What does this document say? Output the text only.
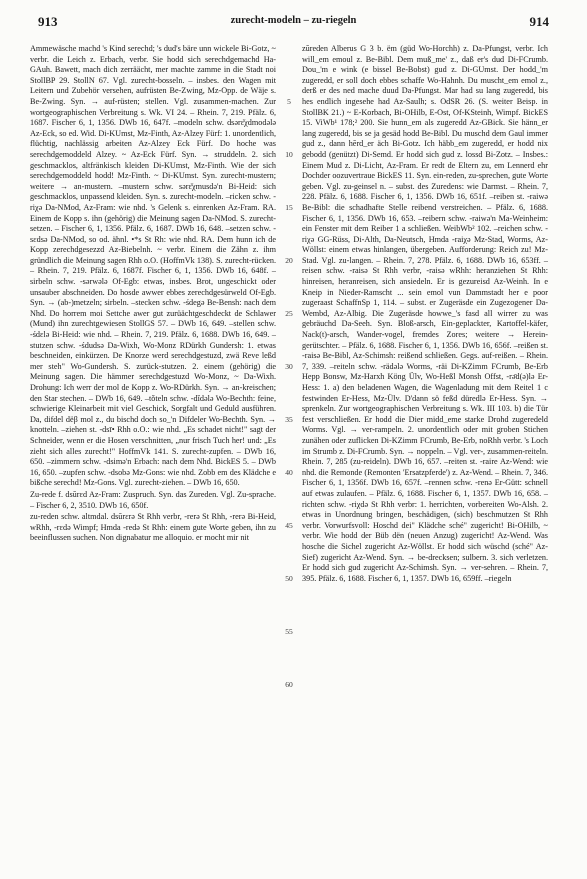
913	zurecht-modeln – zu-riegeln	914

Ammewäsche machd 's Kind serechd; 's dud's bäre unn wickele Bi-Gotz, ~ verbr. die Leich z. Erbach, verbr. Sie hodd sich serechdgemachd Ha-GAuh. Bawett, mach dich zerräächt, mer machte zamme in die Stadt noi StollBP 29. StollN 67. Vgl. zurecht-bosseln. – insbes. den Wagen mit Leitern und Zubehör versehen, aufrüsten Be-Zwing, Mz-Opp. de Wäje s. Be-Zwing. Syn. → auf-rüsten; stellen. Vgl. zusammen-machen. Zur wortgeographischen Verbreitung s. Wk. VI 24. – Rhein. 7, 219. Pfälz. 6, 1687. Fischer 6, 1, 1356. DWb 16, 647f. –modeln schw. dsərɛ̌χdmodələ Az-Eck, so ed. Wid. Di-KUmst, Mz-Finth, Az-Alzey Fürf: 1. unordentlich, flüchtig, nachlässig arbeiten Az-Alzey Eck Fürf. Do hoche was serechdgemoddeld Alzey. ~ Az-Eck Fürf. Syn. → struddeln. 2. sich geschmacklos, altfränkisch kleiden Di-KUmst, Mz-Finth. Wie der sich serechdgemoddeld hodd! Mz-Finth. ~ Di-KUmst. Syn. zurecht-mustern; weitere → an-mustern. –mustern schw. sərɛ̌χmusdə'n Bi-Heid: sich geschmacklos, unpassend kleiden. Syn. s. zurecht-modeln. –ricken schw. -riχə Da-NMod, Az-Fram: wie nhd. 's Gelenk s. einrenken Az-Fram. RA. Einem de Kopp s. ihn (gehörig) die Meinung sagen Da-NMod. S. zurecht-setzen. – Fischer 6, 1, 1356. Pfälz. 6, 1687. DWb 16, 648. –setzen schw. -sɛdsə Da-NMod, so od. ähnl. •*s St Rh: wie nhd. RA. Dem hunn ich de Kopp zerechdgesezzd Az-Biebelnh. ~ verbr. Einem die Zähn z. ihm gründlich die Meinung sagen Rhh o.O. (HoffmVk 138). S. zurecht-rücken. – Rhein. 7, 219. Pfälz. 6, 1687f. Fischer 6, 1, 1356. DWb 16, 648f. –sirbeln schw. -sərwələ Of-Egb: etwas, insbes. Brot, ungeschickt oder unsauber abschneiden. Do hosde awwer ebbes zerechdgesürweld Of-Egb. Syn. → (ab-)metzeln; sirbeln. –stecken schw. -śdegə Be-Bensh: nach dem Nhd. Do horrem moi Settche awer gut zurüächtgeschdeckt de Schlawer (Mund) ihn zurechtgewiesen StollGS 57. – DWb 16, 649. –stellen schw. -śdɛlə Bi-Heid: wie nhd. – Rhein. 7, 219. Pfälz. 6, 1688. DWb 16, 649. –stutzen schw. -śdudsə Da-Wixh, Wo-Monz RDürkh Gundersh: 1. etwas beschneiden, einkürzen. De Knorze werd serechdgestuzd, zwä Reve leßd mer steh" Wo-Gundersh. S. zurück-stutzen. 2. einem (gehörig) die Meinung sagen. Die hämmer serechdgestuzd Wo-Monz, ~ Da-Wixh. Drohung: Ich werr der mol de Kopp z. Wo-RDürkh. Syn. → an-kreischen; den Star stechen. – DWb 16, 649. –tǒteln schw. -dǐdələ Wo-Bechth: feine, schwierige Kleinarbeit mit viel Geschick, Sorgfalt und Geduld ausführen. Da, difdel dëβ mol z., du bischd doch so_'n Difdeler Wo-Bechth. Syn. → knotteln. –ziehen st. -dsī• Rhh o.O.: wie nhd. „Es schadet nicht!" sagt der Schneider, wenn er die Hosen verschnitten, „nur frisch Tuch her! und: „Es zieht sich alles zurecht!" HoffmVk 141. S. zurecht-zupfen. – DWb 16, 650. –zimmern schw. -dsimə'n Erbach: nach dem Nhd. BickES 5. – DWb 16, 650. –zupfen schw. -dsobə Mz-Gons: wie nhd. Zobb em des Klädche e bißche serechd! Mz-Gons. Vgl. zurecht-ziehen. – DWb 16, 650.

Zu-rede f. dsūrɛd Az-Fram: Zuspruch. Syn. das Zureden. Vgl. Zu-sprache. – Fischer 6, 2, 3510. DWb 16, 650f.

zu-reden schw. altmdal. dsūrɛrə St Rhh verbr, -rerə St Rhh, -rerə Bi-Heid, wRhh, -rɛdə Wimpf; Hmda -redə St Rhh: einem gute Worte geben, ihn zu beeinflussen suchen. Non dignabatur me alloquio. er mocht mir nit

5
10
15
20
25
30
35
40
45
50
55
60

zūreden Alberus G 3 b. ëm (güd Wo-Horchh) z. Da-Pfungst, verbr. Ich will_em emoul z. Be-Bibl. Dem muß_me' z., daß er's dud Di-FCrumb. Dou_'m e wink (e bissel Be-Bobst) gud z. Di-GUmst. Der hodd_'m zugeredd, er soll doch ebbes schaffe Wo-Hahnh. Du muscht_em emol z., derß er des ned mache duud Da-Pfungst. Mar had su lang zugeredd, bis hes endlich ingesehe had Az-Saulh; s. OdSR 26. (S. weiter Beisp. in StollBK 21.) ~ E-Korbach, Bi-OHilb, E-Ost, Of-KSteinh, Wimpf. BickES 15. ViWb¹ 178;² 200. Sie hunn_em als zugeredd Az-GBick. Sie hänn_er lang zugeredd, bis se ja gesäd hodd Be-Bibl. Du muschd dem Gaul immer gud z., dann hērd_er äch Bi-Gotz. Ich häbb_em zugeredd, er hodd nix gebodd (genützt) Di-Semd. Er hodd sich gud z. lossd Bi-Zotz. – Insbes.: Einem Mud z. Di-Licht, Az-Fram. Er redt de Eltern zu, em Lennerd ehr Dochder oozuvertraue BickES 11. Syn. ein-reden, zu-sprechen, gute Worte geben. Vgl. zu-geinsel n. – subst. des Zuredens: wie Darmst. – Rhein. 7, 228. Pfälz. 6, 1688. Fischer 6, 1, 1356. DWb 16, 651f. –reiben st. -raiwə Be-Bibl: die schadhafte Stelle reibend verstreichen. – Pfälz. 6, 1688. Fischer 6, 1, 1356. DWb 16, 653. –reibern schw. -raiwə'n Ma-Weinheim: ein Fenster mit dem Reiber 1 a schließen. WeibWb² 102. –reichen schw. -riχə GG-Rüss, Di-Alth, Da-Neutsch, Hmda -raiχə Mz-Stad, Worms, Az-Wöllst: einem etwas hinlangen, übergeben. Aufforderung: Reich zu! Mz-Stad. Vgl. zu-langen. – Rhein. 7, 278. Pfälz. 6, 1688. DWb 16, 653ff. –reisen schw. -raisə St Rhh verbr, -raisə wRhh: heranziehen St Rhh: hinreisen, heranreisen, sich ansiedeln. Er is gezureisd Az-Weinh. In e Kneip in Nieder-Ramscht ... sein emol vun Dammstadt her e poor zugeraast SchaffnSp 1, 114. – subst. er Zugeräsde ein Zugezogener Da-Wembd, Az-Albig. Die Zugeräsde howwe_'s fasd all wirrer zu was gebräuchd Da-Seeh. Syn. Bloß-arsch, Ein-geplackter, Kartoffel-käfer, Nack(t)-arsch, Wander-vogel, fremdes Zores; weitere → Herein-gerütschter. – Pfälz. 6, 1688. Fischer 6, 1, 1356. DWb 16, 656f. –reißen st. -raisə Be-Bibl, Az-Schimsh: reißend schließen. Gegs. auf-reißen. – Rhein. 7, 339. –reiteln schw. -rädələ Worms, -räi Di-KZimm FCrumb, Be-Erb Hepp Bonsw, Mz-Harxh Köng Ülv, Wo-Heßl Monsh Offst, -rə̄d(ə)lə Er-Hess: 1. a) den beladenen Wagen, die Wagenladung mit dem Reitel 1 c festwinden Er-Hess, Mz-Ülv. D'dann sö feßd düredlə Er-Hess. Syn. → sprenkeln. Zur wortgeographischen Verbreitung s. Wk. III 103. b) die Tür fest verschließen. Er hodd die Dier midd_eme starke Drohd zugeredeld Worms. Vgl. → ver-rampeln. 2. unordentlich oder mit groben Stichen zunähen oder zuflicken Di-KZimm FCrumb, Be-Erb, noRhh verbr. 's Loch im Strumb z. Di-FCrumb. Syn. → noppeln. – Vgl. ver-, zusammen-reiteln. Rhein. 7, 285 (zu-reideln). DWb 16, 657. –reiten st. -raire Az-Wend: wie nhd. die Remonde (Remonten 'Ersatzpferde') z. Az-Wend. – Rhein. 7, 346. Fischer 6, 1, 1356f. DWb 16, 657f. –rennen schw. -renə Er-Gütt: schnell auf etwas zulaufen. – Pfälz. 6, 1688. Fischer 6, 1, 1357. DWb 16, 658. –richten schw. -riχdə St Rhh verbr: 1. herrichten, vorbereiten Wo-Alsh. 2. etwas in Unordnung bringen, beschädigen, (sich) beschmutzen St Rhh verbr. Vorwurfsvoll: Hoschd dei" Klädche sché" zugericht! Bi-OHilb, ~ verbr. Wie hodd der Büb dën (neuen Anzug) zugericht! Az-Wend. Was hosche die Sichel zugericht Az-Wöllst. Er hodd sich wüschd (sché" Az-Sief) zugericht Az-Wend. Syn. → be-drecksen; sulbern. 3. sich verletzen. Er hodd sich gud zugericht Az-Schimsh. Syn. → ver-sehren. – Rhein. 7, 395. Pfälz. 6, 1688. Fischer 6, 1, 1357. DWb 16, 659ff. –riegeln
